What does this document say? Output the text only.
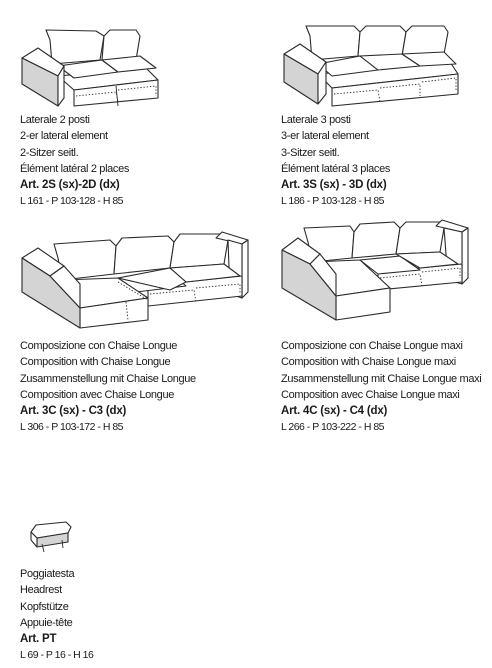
Laterale 2 posti
2-er lateral element
2-Sitzer seitl.
Élément latéral 2 places
Art. 2S (sx)-2D (dx)
L 161 - P 103-128 - H 85
Laterale 3 posti
3-er lateral element
3-Sitzer seitl.
Élément latéral 3 places
Art. 3S (sx) - 3D (dx)
L 186 - P 103-128 - H 85
Composizione con Chaise Longue
Composition with Chaise Longue
Zusammenstellung mit Chaise Longue
Composition avec Chaise Longue
Art. 3C (sx) - C3 (dx)
L 306 - P 103-172 - H 85
Composizione con Chaise Longue maxi
Composition with Chaise Longue maxi
Zusammenstellung mit Chaise Longue maxi
Composition avec Chaise Longue maxi
Art. 4C (sx) - C4 (dx)
L 266 - P 103-222 - H 85
Poggiatesta
Headrest
Kopfstütze
Appuie-tête
Art. PT
L 69 - P 16 - H 16
